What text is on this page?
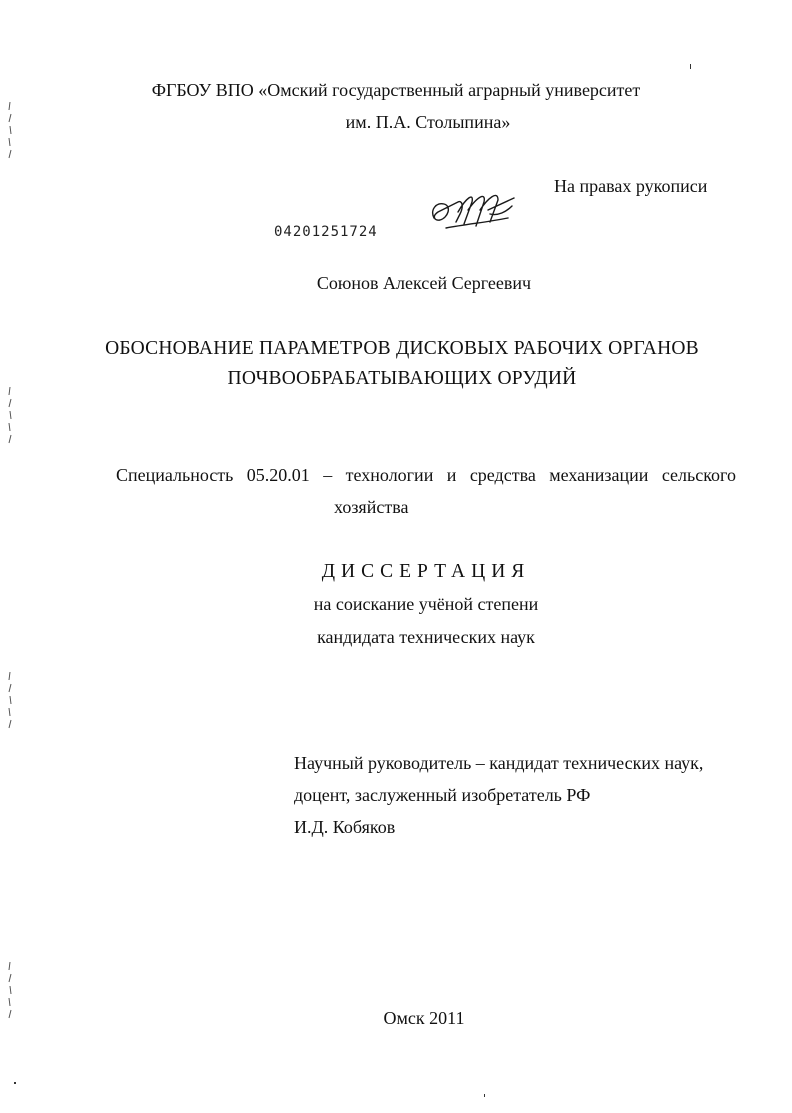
ФГБОУ ВПО «Омский государственный аграрный университет
им. П.А. Столыпина»
На правах рукописи
04201251724
Союнов Алексей Сергеевич
ОБОСНОВАНИЕ ПАРАМЕТРОВ ДИСКОВЫХ РАБОЧИХ ОРГАНОВ
ПОЧВООБРАБАТЫВАЮЩИХ ОРУДИЙ
Специальность 05.20.01 – технологии и средства механизации сельского
хозяйства
ДИССЕРТАЦИЯ
на соискание учёной степени
кандидата технических наук
Научный руководитель – кандидат технических наук,
доцент, заслуженный изобретатель РФ
И.Д. Кобяков
Омск 2011
